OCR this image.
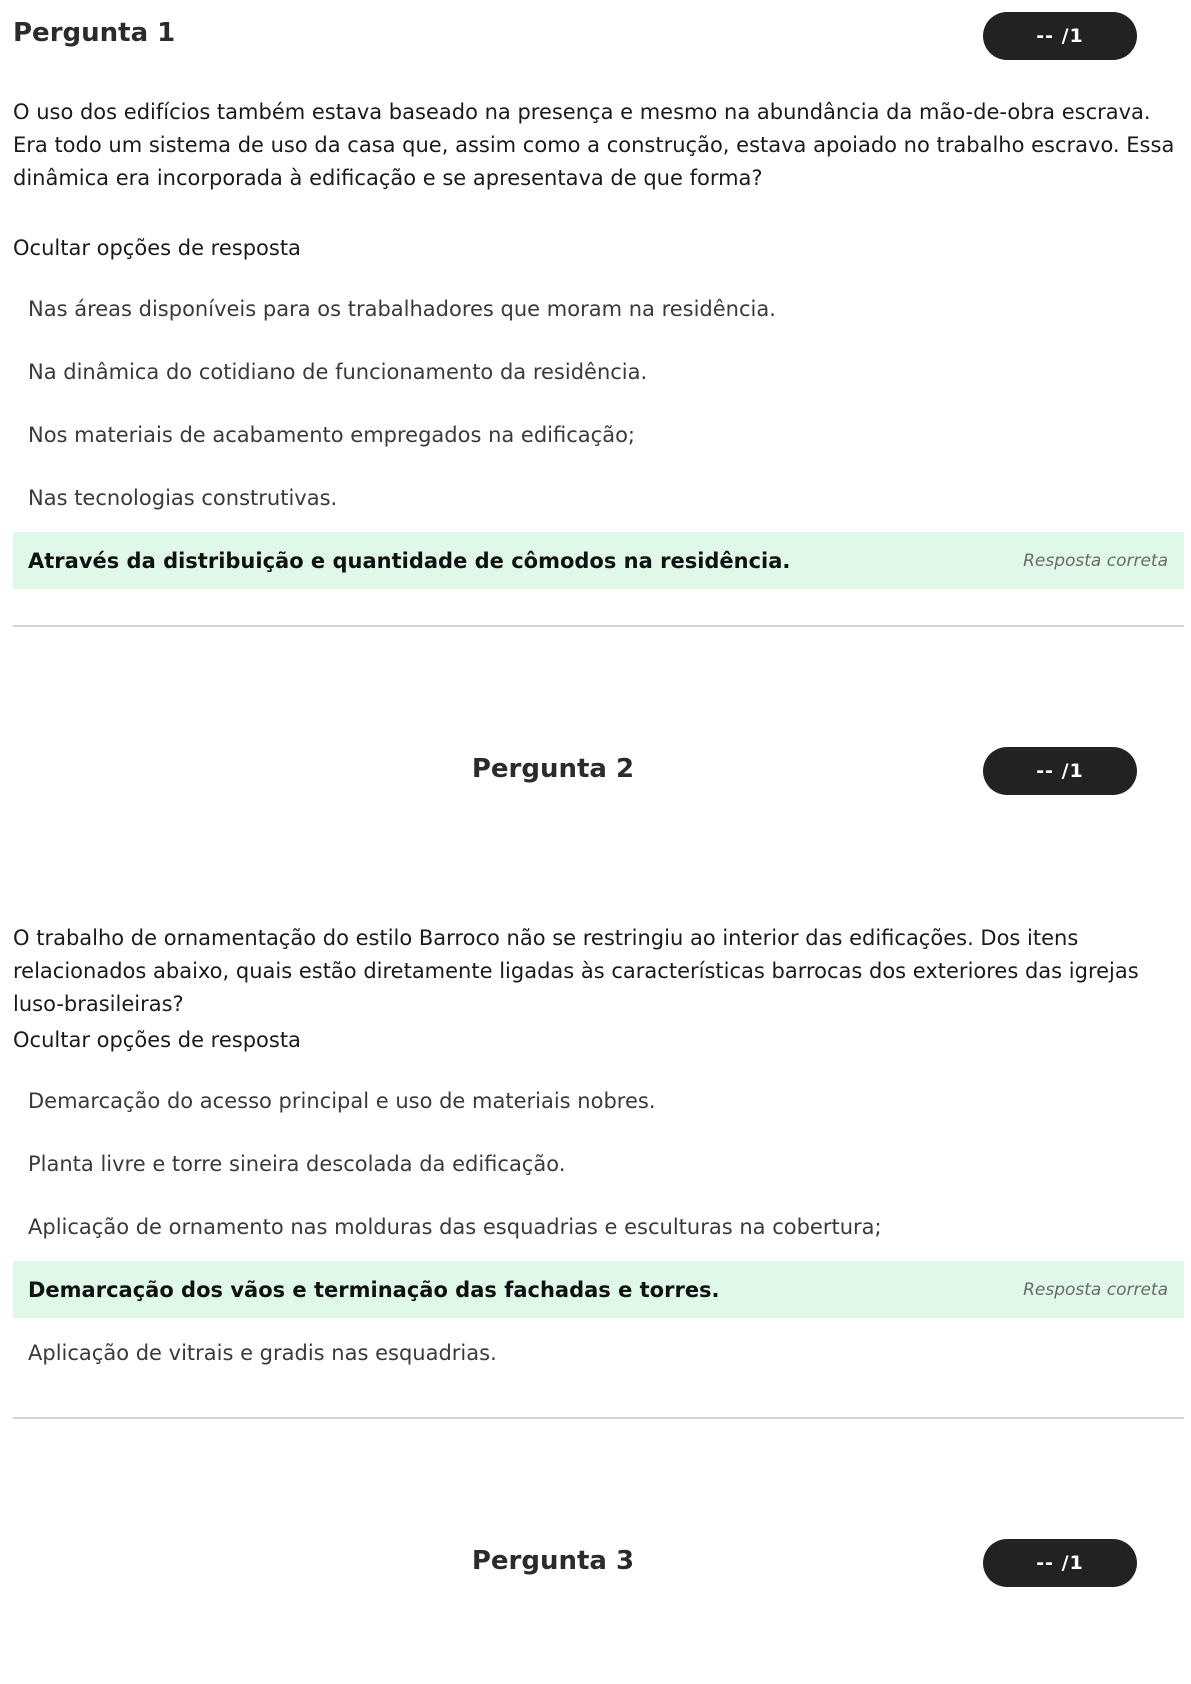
Pergunta 1	-- /1

O uso dos edifícios também estava baseado na presença e mesmo na abundância da mão-de-obra escrava. Era todo um sistema de uso da casa que, assim como a construção, estava apoiado no trabalho escravo. Essa dinâmica era incorporada à edificação e se apresentava de que forma?

Ocultar opções de resposta
Nas áreas disponíveis para os trabalhadores que moram na residência.
Na dinâmica do cotidiano de funcionamento da residência.
Nos materiais de acabamento empregados na edificação;
Nas tecnologias construtivas.
Através da distribuição e quantidade de cômodos na residência.	Resposta correta
Pergunta 2	-- /1

O trabalho de ornamentação do estilo Barroco não se restringiu ao interior das edificações. Dos itens relacionados abaixo, quais estão diretamente ligadas às características barrocas dos exteriores das igrejas luso-brasileiras?

Ocultar opções de resposta
Demarcação do acesso principal e uso de materiais nobres.
Planta livre e torre sineira descolada da edificação.
Aplicação de ornamento nas molduras das esquadrias e esculturas na cobertura;
Demarcação dos vãos e terminação das fachadas e torres.	Resposta correta
Aplicação de vitrais e gradis nas esquadrias.
Pergunta 3	-- /1
